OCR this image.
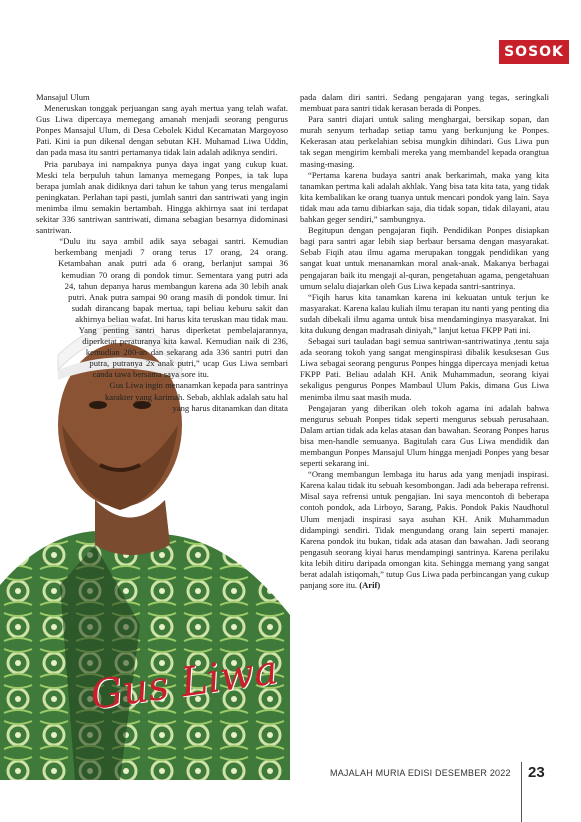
SOSOK
Gus Liwa

Mansajul Ulum

Meneruskan tonggak perjuangan sang ayah mertua yang telah wafat. Gus Liwa dipercaya memegang amanah menjadi seorang pengurus Ponpes Mansajul Ulum, di Desa Cebolek Kidul Kecamatan Margoyoso Pati. Kini ia pun dikenal dengan sebutan KH. Muhamad Liwa Uddin, dan pada masa itu santri pertamanya tidak lain adalah adiknya sendiri.

Pria parubaya ini nampaknya punya daya ingat yang cukup kuat. Meski tela berpuluh tahun lamanya memegang Ponpes, ia tak lupa berapa jumlah anak didiknya dari tahun ke tahun yang terus mengalami peningkatan. Perlahan tapi pasti, jumlah santri dan santriwati yang ingin menimba ilmu semakin bertambah. Hingga akhirnya saat ini terdapat sekitar 336 santriwan santriwati, dimana sebagian besarnya didominasi santriwan.

“Dulu itu saya ambil adik saya sebagai santri. Kemudian berkembang menjadi 7 orang terus 17 orang, 24 orang. Ketambahan anak putri ada 6 orang, berlanjut sampai 36 kemudian 70 orang di pondok timur. Sementara yang putri ada 24, tahun depanya harus membangun karena ada 30 lebih anak putri. Anak putra sampai 90 orang masih di pondok timur. Ini sudah dirancang bapak mertua, tapi beliau keburu sakit dan akhirnya beliau wafat. Ini harus kita teruskan mau tidak mau. Yang penting santri harus diperketat pembelajarannya, diperketat peraturanya kita kawal. Kemudian naik di 236, kemudian 280-an dan sekarang ada 336 santri putri dan putra, putranya 2x anak putri,” ucap Gus Liwa sembari canda tawa bersama saya sore itu.

Gus Liwa ingin menanamkan kepada para santrinya karakter yang karimah. Sebab, akhlak adalah satu hal yang harus ditanamkan dan ditata

pada dalam diri santri. Sedang pengajaran yang tegas, seringkali membuat para santri tidak kerasan berada di Ponpes.

Para santri diajari untuk saling menghargai, bersikap sopan, dan murah senyum terhadap setiap tamu yang berkunjung ke Ponpes. Kekerasan atau perkelahian sebisa mungkin dihindari. Gus Liwa pun tak segan mengirim kembali mereka yang membandel kepada orangtua masing-masing.

“Pertama karena budaya santri anak berkarimah, maka yang kita tanamkan pertma kali adalah akhlak. Yang bisa tata kita tata, yang tidak kita kembalikan ke orang tuanya untuk mencari pondok yang lain. Saya tidak mau ada tamu dibiarkan saja, dia tidak sopan, tidak dilayani, atau bahkan geger sendiri,” sambungnya.

Begitupun dengan pengajaran fiqih. Pendidikan Ponpes disiapkan bagi para santri agar lebih siap berbaur bersama dengan masyarakat. Sebab Fiqih atau ilmu agama merupakan tonggak pendidikan yang sangat kuat untuk menanamkan moral anak-anak. Makanya berbagai pengajaran baik itu mengaji al-quran, pengetahuan agama, pengetahuan umum selalu diajarkan oleh Gus Liwa kepada santri-santrinya.

“Fiqih harus kita tanamkan karena ini kekuatan untuk terjun ke masyarakat. Karena kalau kuliah ilmu terapan itu nanti yang penting dia sudah dibekali ilmu agama untuk bisa mendaminginya masyarakat. Ini kita dukung dengan madrasah diniyah,” lanjut ketua FKPP Pati ini.

Sebagai suri tauladan bagi semua santriwan-santriwatinya ,tentu saja ada seorang tokoh yang sangat menginspirasi dibalik kesuksesan Gus Liwa sebagai seorang pengurus Ponpes hingga dipercaya menjadi ketua FKPP Pati. Beliau adalah KH. Anik Muhammadun, seorang kiyai sekaligus pengurus Ponpes Mambaul Ulum Pakis, dimana Gus Liwa menimba ilmu saat masih muda.

Pengajaran yang diberikan oleh tokoh agama ini adalah bahwa mengurus sebuah Ponpes tidak seperti mengurus sebuah perusahaan. Dalam artian tidak ada kelas atasan dan bawahan. Seorang Ponpes harus bisa men-handle semuanya. Bagitulah cara Gus Liwa mendidik dan membangun Ponpes Mansajul Ulum hingga menjadi Ponpes yang besar seperti sekarang ini.

“Orang membangun lembaga itu harus ada yang menjadi inspirasi. Karena kalau tidak itu sebuah kesombongan. Jadi ada beberapa refrensi. Misal saya refrensi untuk pengajian. Ini saya mencontoh di beberapa contoh pondok, ada Lirboyo, Sarang, Pakis. Pondok Pakis Naudhotul Ulum menjadi inspirasi saya asuhan KH. Anik Muhammadun didampingi sendiri. Tidak mengundang orang lain seperti manajer. Karena pondok itu bukan, tidak ada atasan dan bawahan. Jadi seorang pengasuh seorang kiyai harus mendampingi santrinya. Karena perilaku kita lebih ditiru daripada omongan kita. Sehingga memang yang sangat berat adalah istiqomah,” tutup Gus Liwa pada perbincangan yang cukup panjang sore itu. (Arif)

MAJALAH MURIA EDISI DESEMBER 2022 23
